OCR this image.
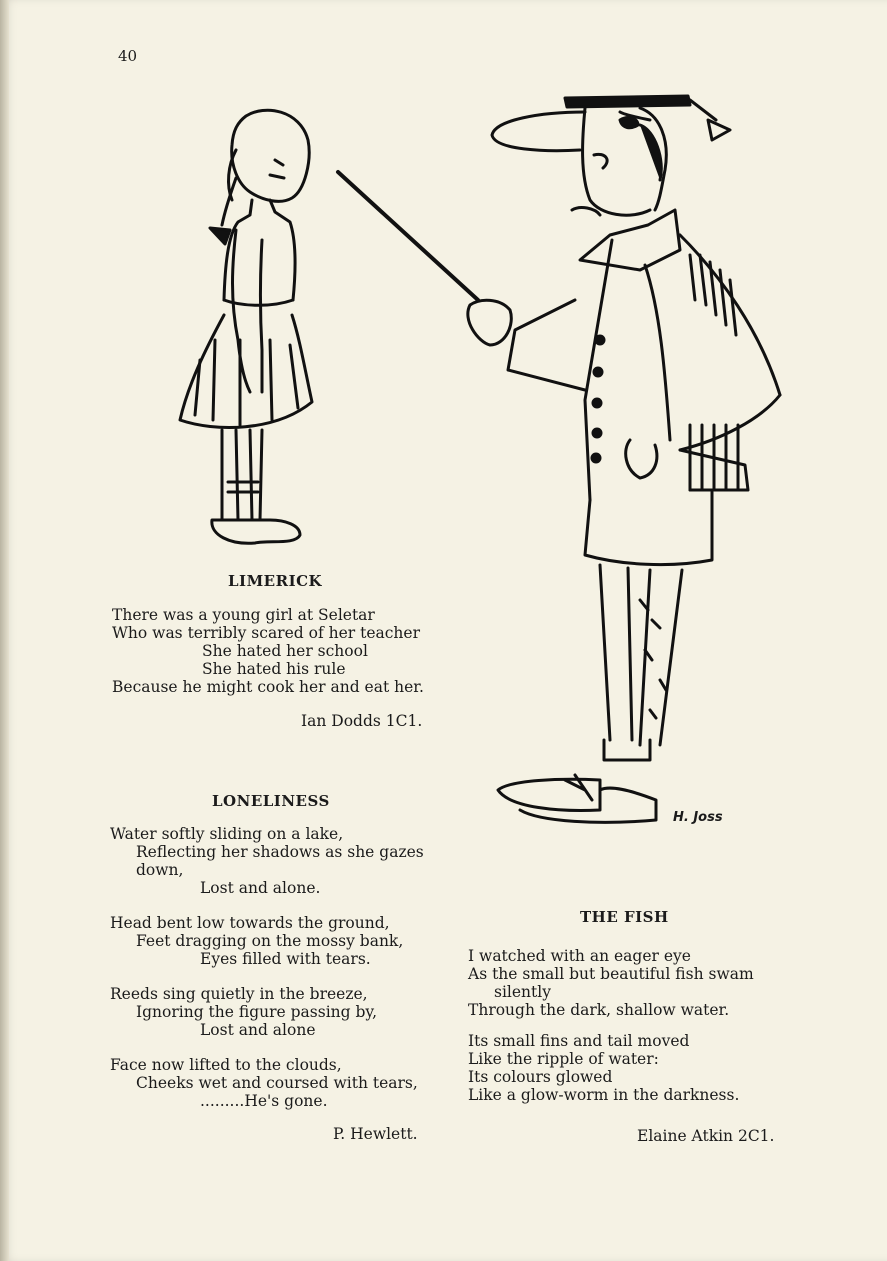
40
H. Joss
LIMERICK
There was a young girl at Seletar
Who was terribly scared of her teacher
She hated her school
She hated his rule
Because he might cook her and eat her.
Ian Dodds 1C1.
LONELINESS
Water softly sliding on a lake,
Reflecting her shadows as she gazes
down,
Lost and alone.
Head bent low towards the ground,
Feet dragging on the mossy bank,
Eyes filled with tears.
Reeds sing quietly in the breeze,
Ignoring the figure passing by,
Lost and alone
Face now lifted to the clouds,
Cheeks wet and coursed with tears,
.........He's gone.
P. Hewlett.
THE FISH
I watched with an eager eye
As the small but beautiful fish swam
silently
Through the dark, shallow water.
Its small fins and tail moved
Like the ripple of water:
Its colours glowed
Like a glow-worm in the darkness.
Elaine Atkin 2C1.
